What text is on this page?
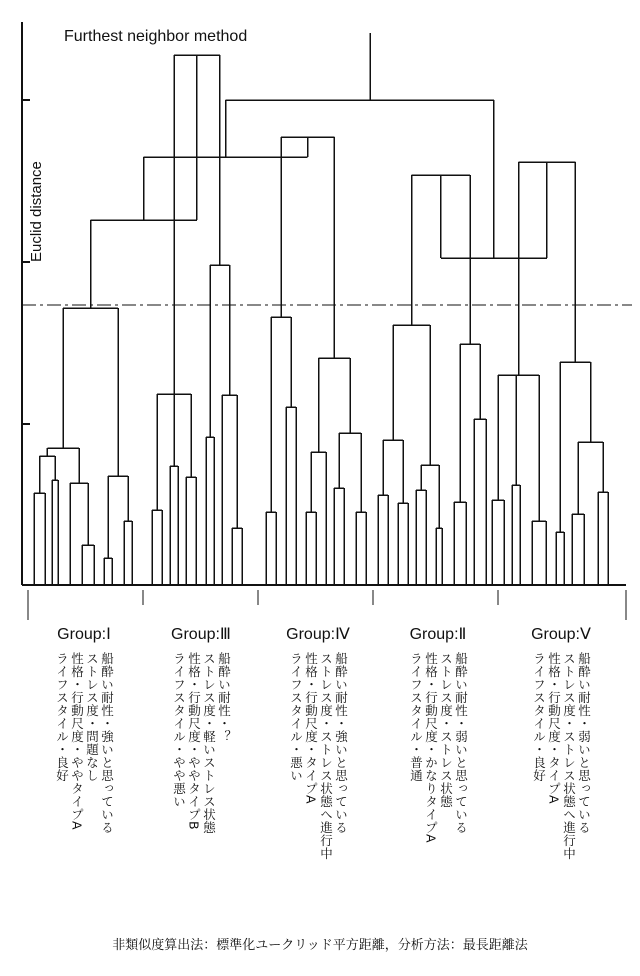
Furthest neighbor method
Euclid distance
Group:Ⅰ
船酔い耐性・強いと思っている
ストレス度・問題なし
性格・行動尺度・ややタイプA
ライフスタイル・良好
Group:Ⅲ
船酔い耐性・？
ストレス度・軽いストレス状態
性格・行動尺度・ややタイプB
ライフスタイル・やや悪い
Group:Ⅳ
船酔い耐性・強いと思っている
ストレス度・ストレス状態へ進行中
性格・行動尺度・タイプA
ライフスタイル・悪い
Group:Ⅱ
船酔い耐性・弱いと思っている
ストレス度・ストレス状態
性格・行動尺度・かなりタイプA
ライフスタイル・普通
Group:Ⅴ
船酔い耐性・弱いと思っている
ストレス度・ストレス状態へ進行中
性格・行動尺度・タイプA
ライフスタイル・良好
非類似度算出法：標準化ユークリッド平方距離，分析方法：最長距離法
